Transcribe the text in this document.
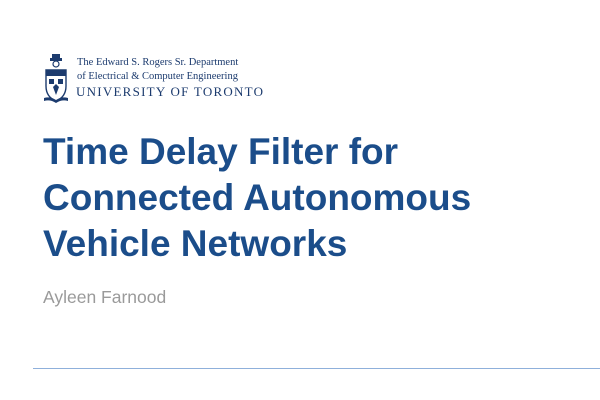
The Edward S. Rogers Sr. Department
of Electrical & Computer Engineering
UNIVERSITY OF TORONTO
Time Delay Filter for
Connected Autonomous
Vehicle Networks
Ayleen Farnood
